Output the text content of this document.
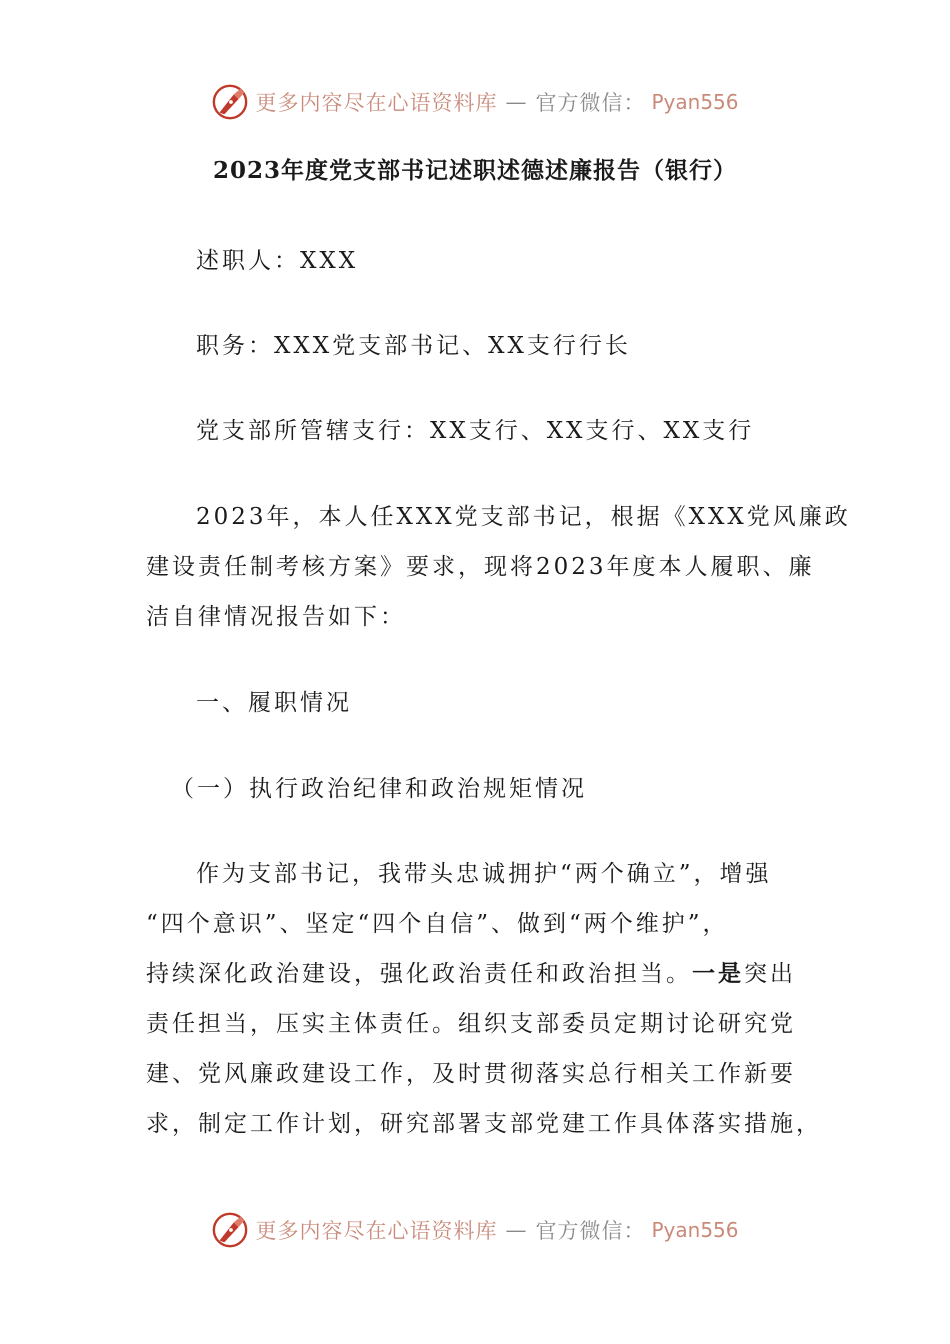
更多内容尽在心语资料库 — 官方微信： Pyan556
2023年度党支部书记述职述德述廉报告（银行）
述职人：XXX
职务：XXX党支部书记、XX支行行长
党支部所管辖支行：XX支行、XX支行、XX支行
2023年，本人任XXX党支部书记，根据《XXX党风廉政
建设责任制考核方案》要求，现将2023年度本人履职、廉
洁自律情况报告如下：
一、履职情况
（一）执行政治纪律和政治规矩情况
作为支部书记，我带头忠诚拥护“两个确立”，增强
“四个意识”、坚定“四个自信”、做到“两个维护”，
持续深化政治建设，强化政治责任和政治担当。一是突出
责任担当，压实主体责任。组织支部委员定期讨论研究党
建、党风廉政建设工作，及时贯彻落实总行相关工作新要
求，制定工作计划，研究部署支部党建工作具体落实措施，
更多内容尽在心语资料库 — 官方微信： Pyan556
